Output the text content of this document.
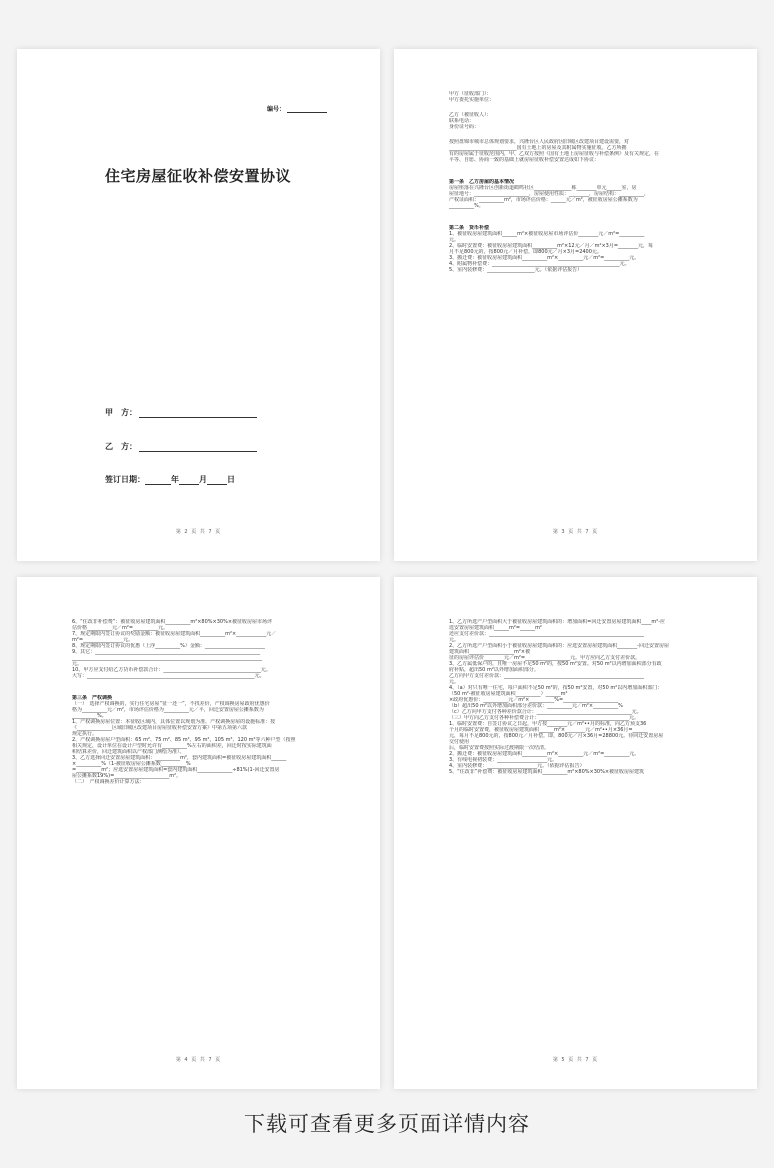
编号：
住宅房屋征收补偿安置协议
甲　方：
乙　方：
签订日期：	年	月	日
第 2 页 共 7 页
甲方（征收部门）：
甲方委托实施单位：
乙方（被征收人）：
联系电话：
身份证号码：
按照盘锦市城市总体规划要求，兴隆台区人民政府因旧城区改建项目建设需要，对
___________________________国有土地上的房屋及其附属物实施征收。乙方所拥
有的房屋属于征收范围内，甲、乙双方按照《国有土地上房屋征收与补偿条例》及有关规定，在
平等、自愿、协商一致的基础上就房屋征收补偿安置达成如下协议：
第一条　乙方房屋的基本情况
房屋座落在兴隆台区创新街道鹤鸣社区_______________栋________单元______室，房
屋征地号：______________________，房屋使用性质：________，房屋结构：__________，
产权证面积：__________m²，市场评估价格：______元／m²，被征收房屋公摊系数为
__________%。
第二条　货币补偿
1、被征收房屋建筑面积______m²×被征收房屋市场评估价________元／m²=__________
元。
2、临时安置费：被征收房屋建筑面积__________m²×12元／月／m²×3月=________元，每
月不足800元的，按800元／月补偿，即800元／月×3月=2400元。
3、搬迁费：被征收房屋建筑面积__________m²×__________元／m²=__________元。
4、附属物补偿费：___________________________________________________元。
5、室内装修费：___________________元。（依据评估报告）
第 3 页 共 7 页
6、“住改非补偿费”：被征收房屋建筑面积__________m²×80%×30%×被征收房屋市场评
估价格__________元／m²=__________元。
7、规定期限内签订协议的奖励金额：被征收房屋建筑面积__________m²×____________元／
m²=________________元。
8、规定期限内签订协议的优惠（上浮__________%）金额：________________________
9、其它：__________________________________________________________________
____________________________________________________________________________
元。
10、甲方应支付给乙方货币补偿款合计：_______________________________________元。
大写：___________________________________________________________________元。
第三条　产权调换
（一）　选择产权调换的，实行住宅房屋“征一还一”，不找差价，产权调换房屋政府优惠价
格为__________元／m²，市场评估价格为__________元／平，回迁安置房屋公摊系数为
__________%。
1、产权调换房屋位置：本征收区域内，具体位置以规划为准，产权调换房屋的设施标准：按
《______________区域旧城区改建项目房屋征收补偿安置方案》中第五项第六款
规定执行。
2、产权调换房屋户型面积：65 m²、75 m²、85 m²、95 m²、105 m²、120 m²等六种户型（按照
相关规定，设计单位在设计户型时允许有__________%左右的面积差，回迁时按实际建筑面
积结算差价，回迁建筑面积以产权部门测绘为准）。
3、乙方选择回迁安置房屋建筑面积：__________m²，套内建筑面积=被征收房屋建筑面积______
×__________%（1-被征收房屋公摊系数__________%
=__________m²；应选安置房屋建筑面积=套内建筑面积______________÷81%(1-回迁安置房
屋公摊系数19%)=______________________m²。
（二）　产权调换差价计算方法：
第 4 页 共 7 页
1、乙方所选产户型面积大于被征收房屋建筑面积的：增加面积=回迁安置房屋建筑面积____m²-应
选安置房屋建筑面积______m²=______m²
还应支付差价款：______________________________________________________________
元。
2、乙方所选产户型面积小于被征收房屋建筑面积的：应选安置房屋建筑面积________-回迁安置房屋
建筑面积__________________m²×被
征的房屋评估价________元／m²=__________________元。甲方应向乙方支付差价款。
3、乙方属低保户的，且唯一房屋不足50 m²的，按50 m²安置。对50 m²以内增加面积部分有政
府补贴，超出50 m²以外增加面积部分。
乙方向甲方支付差价款：________________________________________________________
元。
4、（a）对只有唯一住宅，每户面积不足50 m²的，按50 m²安置，对50 m²以内增加面积部门：
（50 m²-被征收房屋建筑面积__________）______m²
×政府优惠价：__________元／m²×__________%=______________________
（b）超出50 m²以外增加面积部分差价款：__________元／m²×__________%
（c）乙方向甲方支付各种差价款合计：______________________________________元。
（三）甲方向乙方支付各种补偿费合计：____________________________________元。
1、临时安置费：自签订协议之日起，甲方按________元／m²••月的标准，向乙方预支36
个月的临时安置费，被征收房屋建筑面积______m²×________元／m²••月×36月=______
元，每月不足800元的，按800元／月补偿，即，800元／月×36月=28800元。待回迁安置房屋
交付使用
后，临时安置费按照实际过渡期限一次结清。
2、搬迁费：被征收房屋建筑面积__________m²×__________元／m²=__________元。
3、有线电视初装费：____________________元。
4、室内装修费：____________________元。（依据评估报告）
5、“住改非”补偿费：被征收房屋建筑面积__________m²×80%×30%×被征收房屋建筑
第 5 页 共 7 页
下载可查看更多页面详情内容
